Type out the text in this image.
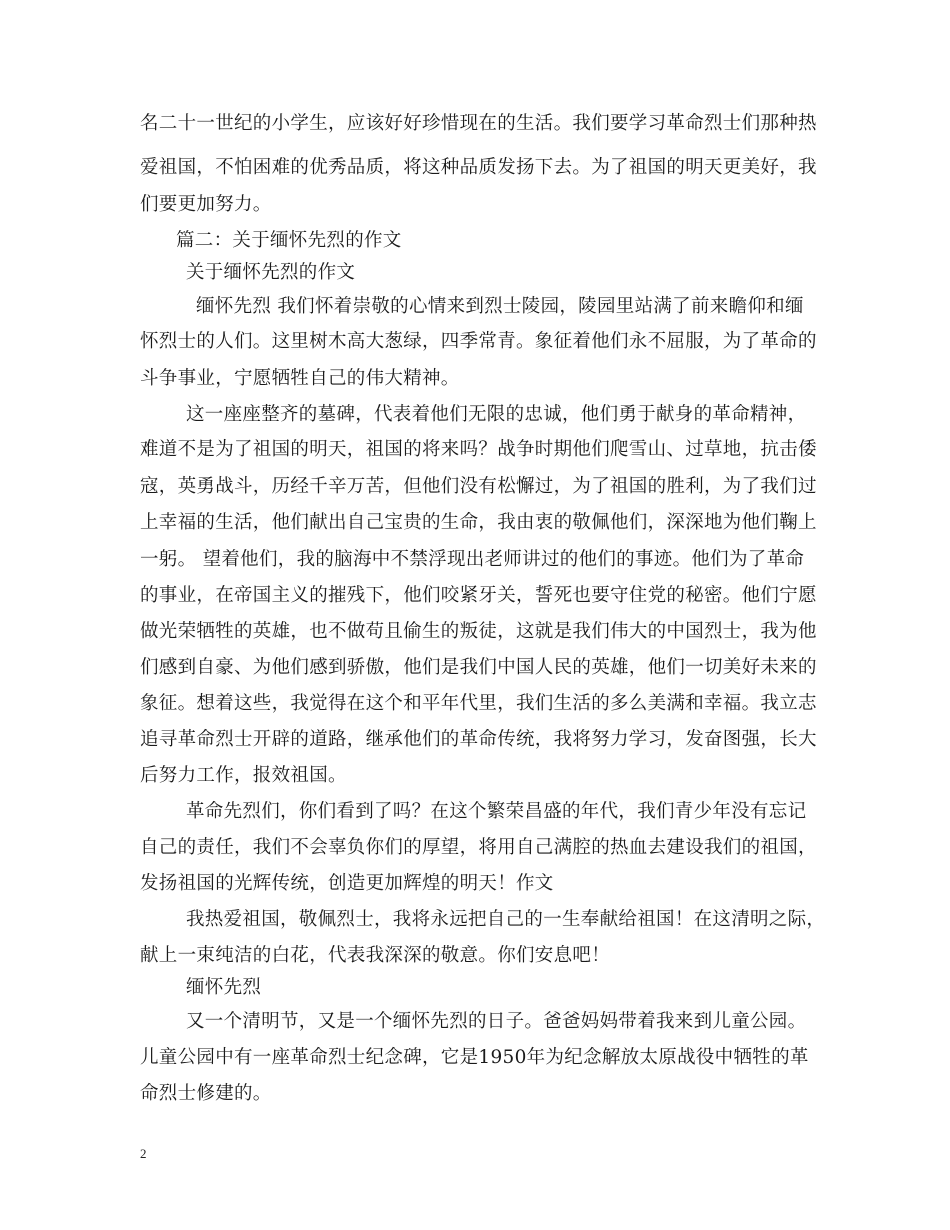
名二十一世纪的小学生，应该好好珍惜现在的生活。我们要学习革命烈士们那种热
爱祖国，不怕困难的优秀品质，将这种品质发扬下去。为了祖国的明天更美好，我
们要更加努力。
篇二：关于缅怀先烈的作文
关于缅怀先烈的作文
缅怀先烈 我们怀着崇敬的心情来到烈士陵园，陵园里站满了前来瞻仰和缅
怀烈士的人们。这里树木高大葱绿，四季常青。象征着他们永不屈服，为了革命的
斗争事业，宁愿牺牲自己的伟大精神。
这一座座整齐的墓碑，代表着他们无限的忠诚，他们勇于献身的革命精神，
难道不是为了祖国的明天，祖国的将来吗？战争时期他们爬雪山、过草地，抗击倭
寇，英勇战斗，历经千辛万苦，但他们没有松懈过，为了祖国的胜利，为了我们过
上幸福的生活，他们献出自己宝贵的生命，我由衷的敬佩他们，深深地为他们鞠上
一躬。 望着他们，我的脑海中不禁浮现出老师讲过的他们的事迹。他们为了革命
的事业，在帝国主义的摧残下，他们咬紧牙关，誓死也要守住党的秘密。他们宁愿
做光荣牺牲的英雄，也不做苟且偷生的叛徒，这就是我们伟大的中国烈士，我为他
们感到自豪、为他们感到骄傲，他们是我们中国人民的英雄，他们一切美好未来的
象征。想着这些，我觉得在这个和平年代里，我们生活的多么美满和幸福。我立志
追寻革命烈士开辟的道路，继承他们的革命传统，我将努力学习，发奋图强，长大
后努力工作，报效祖国。
革命先烈们，你们看到了吗？在这个繁荣昌盛的年代，我们青少年没有忘记
自己的责任，我们不会辜负你们的厚望，将用自己满腔的热血去建设我们的祖国，
发扬祖国的光辉传统，创造更加辉煌的明天！作文
我热爱祖国，敬佩烈士，我将永远把自己的一生奉献给祖国！在这清明之际，
献上一束纯洁的白花，代表我深深的敬意。你们安息吧！
缅怀先烈
又一个清明节，又是一个缅怀先烈的日子。爸爸妈妈带着我来到儿童公园。
儿童公园中有一座革命烈士纪念碑，它是1950年为纪念解放太原战役中牺牲的革
命烈士修建的。
2
